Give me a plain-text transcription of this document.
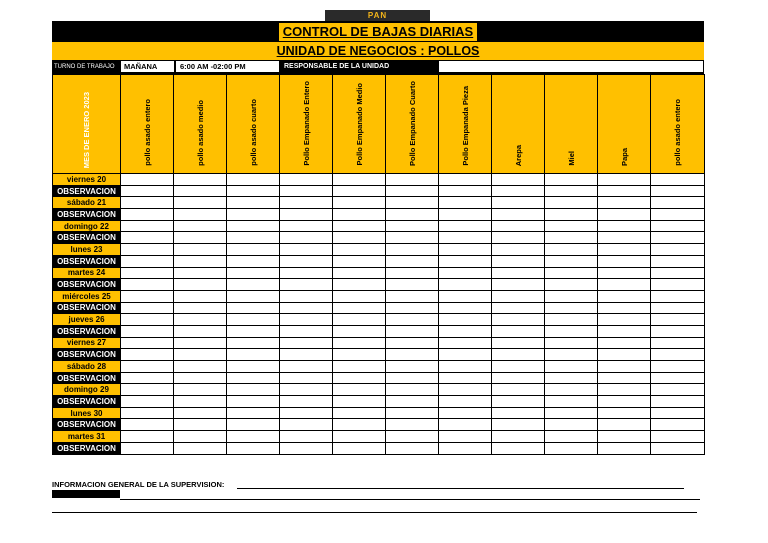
PAN
CONTROL DE BAJAS DIARIAS
UNIDAD DE NEGOCIOS : POLLOS
TURNO DE TRABAJO	MAÑANA	6:00 AM -02:00 PM	RESPONSABLE DE LA UNIDAD
MES DE ENERO 2023	pollo asado entero	pollo asado medio	pollo asado cuarto	Pollo Empanado Entero	Pollo Empanado Medio	Pollo Empanado Cuarto	Pollo Empanada Pieza	Arepa	Miel	Papa	pollo asado entero
viernes 20											
OBSERVACION											
sábado 21											
OBSERVACION											
domingo 22											
OBSERVACION											
lunes 23											
OBSERVACION											
martes 24											
OBSERVACION											
miércoles 25											
OBSERVACION											
jueves 26											
OBSERVACION											
viernes 27											
OBSERVACION											
sábado 28											
OBSERVACION											
domingo 29											
OBSERVACION											
lunes 30											
OBSERVACION											
martes 31											
OBSERVACION											
INFORMACION GENERAL DE LA SUPERVISION:
